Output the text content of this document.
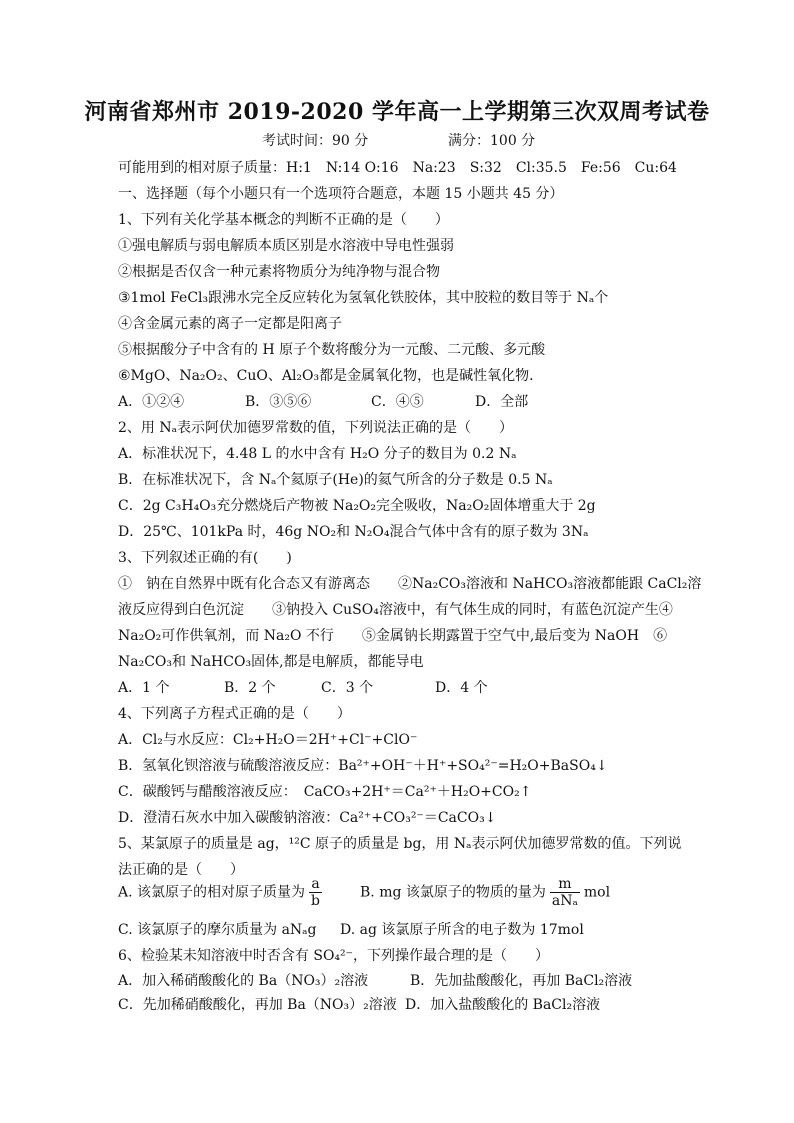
河南省郑州市 2019-2020 学年高一上学期第三次双周考试卷
考试时间：90 分	满分：100 分
可能用到的相对原子质量：H:1　N:14 O:16　Na:23　S:32　Cl:35.5　Fe:56　Cu:64
一、选择题（每个小题只有一个选项符合题意，本题 15 小题共 45 分）
1、下列有关化学基本概念的判断不正确的是（　　）
①强电解质与弱电解质本质区别是水溶液中导电性强弱
②根据是否仅含一种元素将物质分为纯净物与混合物
③1mol FeCl₃跟沸水完全反应转化为氢氧化铁胶体，其中胶粒的数目等于 Nₐ个
④含金属元素的离子一定都是阳离子
⑤根据酸分子中含有的 H 原子个数将酸分为一元酸、二元酸、多元酸
⑥MgO、Na₂O₂、CuO、Al₂O₃都是金属氧化物，也是碱性氧化物．
A．①②④	B．③⑤⑥	C．④⑤	D．全部
2、用 Nₐ表示阿伏加德罗常数的值，下列说法正确的是（　　）
A．标准状况下，4.48 L 的水中含有 H₂O 分子的数目为 0.2 Nₐ
B．在标准状况下，含 Nₐ个氦原子(He)的氦气所含的分子数是 0.5 Nₐ
C．2g C₃H₄O₃充分燃烧后产物被 Na₂O₂完全吸收，Na₂O₂固体增重大于 2g
D．25℃、101kPa 时，46g NO₂和 N₂O₄混合气体中含有的原子数为 3Nₐ
3、下列叙述正确的有(　　)
①　钠在自然界中既有化合态又有游离态　　②Na₂CO₃溶液和 NaHCO₃溶液都能跟 CaCl₂溶
液反应得到白色沉淀　　③钠投入 CuSO₄溶液中，有气体生成的同时，有蓝色沉淀产生④
Na₂O₂可作供氧剂，而 Na₂O 不行　　⑤金属钠长期露置于空气中,最后变为 NaOH　⑥
Na₂CO₃和 NaHCO₃固体,都是电解质，都能导电
A．1 个	B．2 个	C．3 个	D．4 个
4、下列离子方程式正确的是（　　）
A．Cl₂与水反应：Cl₂+H₂O＝2H⁺+Cl⁻+ClO⁻
B．氢氧化钡溶液与硫酸溶液反应：Ba²⁺+OH⁻＋H⁺+SO₄²⁻=H₂O+BaSO₄↓
C．碳酸钙与醋酸溶液反应：　CaCO₃+2H⁺＝Ca²⁺＋H₂O+CO₂↑
D．澄清石灰水中加入碳酸钠溶液：Ca²⁺+CO₃²⁻＝CaCO₃↓
5、某氯原子的质量是 ag，¹²C 原子的质量是 bg，用 Nₐ表示阿伏加德罗常数的值。下列说
法正确的是（　　）
A. 该氯原子的相对原子质量为 $\frac{a}{b}$	B. mg 该氯原子的物质的量为 $\frac{m}{\text{aNₐ}}$ mol
C. 该氯原子的摩尔质量为 aNₐg D. ag 该氯原子所含的电子数为 17mol
6、检验某未知溶液中时否含有 SO₄²⁻，下列操作最合理的是（　　）
A．加入稀硝酸酸化的 Ba（NO₃）₂溶液	B．先加盐酸酸化，再加 BaCl₂溶液
C．先加稀硝酸酸化，再加 Ba（NO₃）₂溶液 D．加入盐酸酸化的 BaCl₂溶液
